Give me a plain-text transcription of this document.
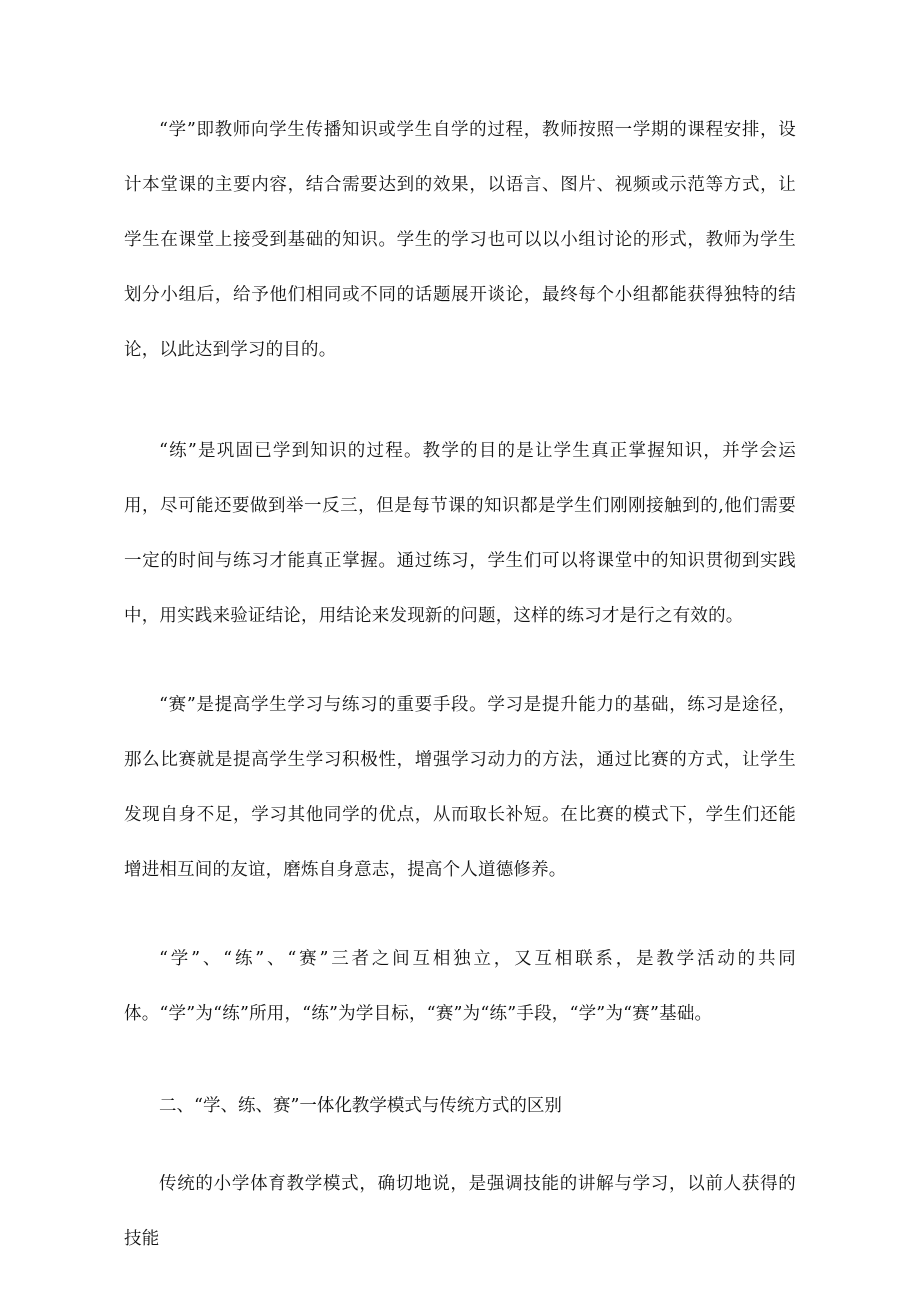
“学”即教师向学生传播知识或学生自学的过程，教师按照一学期的课程安排，设计本堂课的主要内容，结合需要达到的效果，以语言、图片、视频或示范等方式，让学生在课堂上接受到基础的知识。学生的学习也可以以小组讨论的形式，教师为学生划分小组后，给予他们相同或不同的话题展开谈论，最终每个小组都能获得独特的结论，以此达到学习的目的。

“练”是巩固已学到知识的过程。教学的目的是让学生真正掌握知识，并学会运用，尽可能还要做到举一反三，但是每节课的知识都是学生们刚刚接触到的,他们需要一定的时间与练习才能真正掌握。通过练习，学生们可以将课堂中的知识贯彻到实践中，用实践来验证结论，用结论来发现新的问题，这样的练习才是行之有效的。

“赛”是提高学生学习与练习的重要手段。学习是提升能力的基础，练习是途径，那么比赛就是提高学生学习积极性，增强学习动力的方法，通过比赛的方式，让学生发现自身不足，学习其他同学的优点，从而取长补短。在比赛的模式下，学生们还能增进相互间的友谊，磨炼自身意志，提高个人道德修养。

“学”、“练”、“赛”三者之间互相独立，又互相联系，是教学活动的共同体。“学”为“练”所用，“练”为学目标，“赛”为“练”手段，“学”为“赛”基础。

二、“学、练、赛”一体化教学模式与传统方式的区别

传统的小学体育教学模式，确切地说，是强调技能的讲解与学习，以前人获得的技能
